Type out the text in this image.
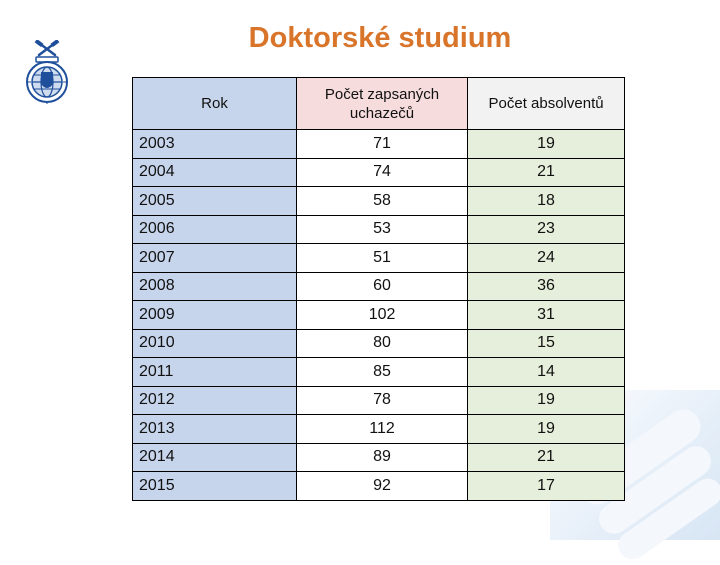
Doktorské studium
Rok	Počet zapsaných uchazečů	Počet absolventů
2003	71	19
2004	74	21
2005	58	18
2006	53	23
2007	51	24
2008	60	36
2009	102	31
2010	80	15
2011	85	14
2012	78	19
2013	112	19
2014	89	21
2015	92	17
